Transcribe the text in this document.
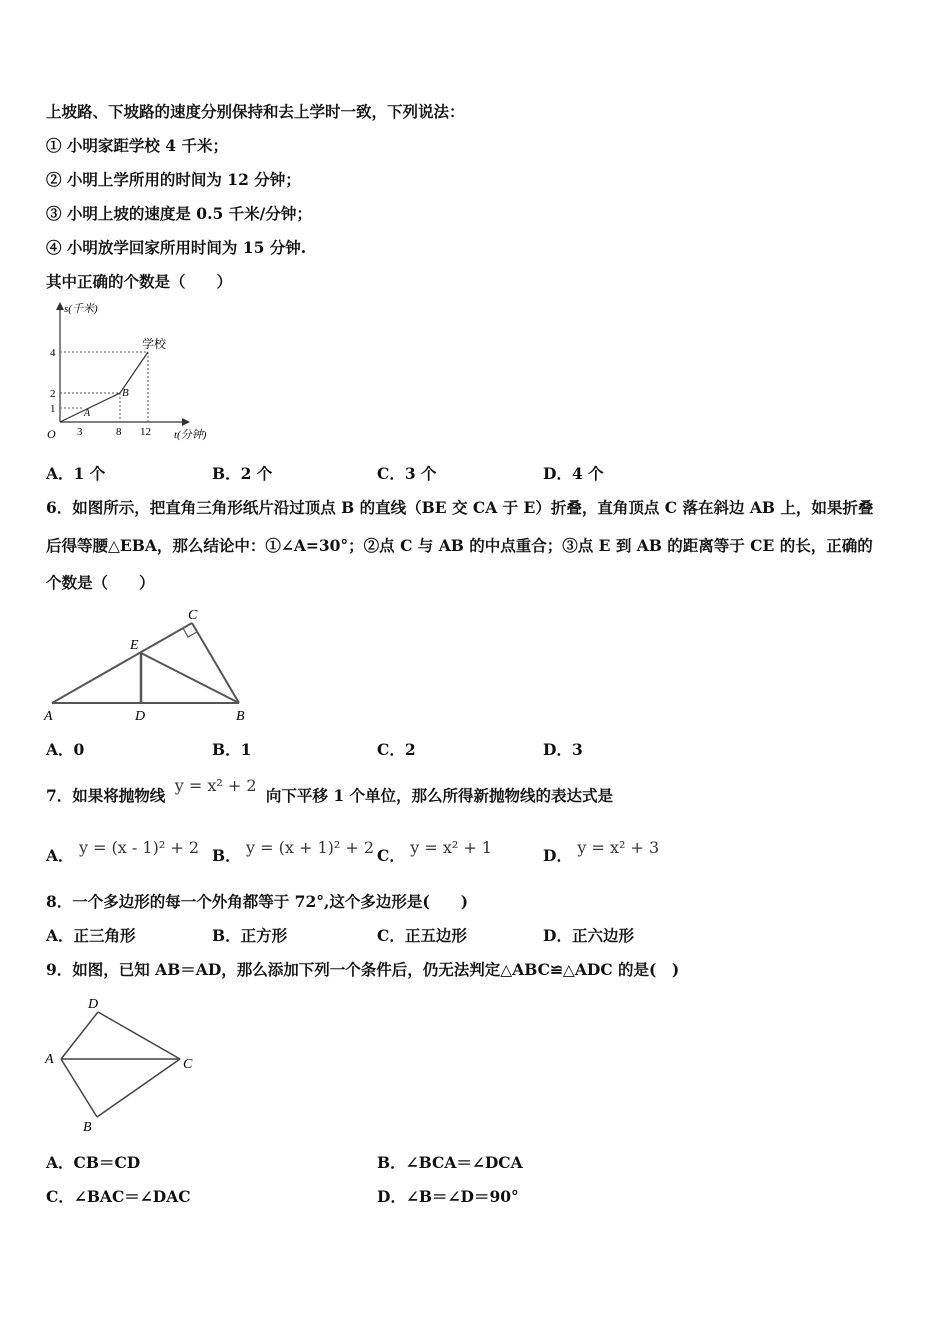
上坡路、下坡路的速度分别保持和去上学时一致，下列说法：
① 小明家距学校 4 千米；
② 小明上学所用的时间为 12 分钟；
③ 小明上坡的速度是 0.5 千米/分钟；
④ 小明放学回家所用时间为 15 分钟.
其中正确的个数是（　　）
s(千米)
t(分钟)
O
学校
A
B
1
2
4
3	8 12
A．1 个	B．2 个	C．3 个	D．4 个
6．如图所示，把直角三角形纸片沿过顶点 B 的直线（BE 交 CA 于 E）折叠，直角顶点 C 落在斜边 AB 上，如果折叠
后得等腰△EBA，那么结论中：①∠A=30°；②点 C 与 AB 的中点重合；③点 E 到 AB 的距离等于 CE 的长，正确的
个数是（　　）
A	D	B
E
C
A．0	B．1	C．2	D．3
7．如果将抛物线 y = x² + 2 向下平移 1 个单位，那么所得新抛物线的表达式是
A． y = (x - 1)² + 2 B． y = (x + 1)² + 2 C． y = x² + 1	D． y = x² + 3
8．一个多边形的每一个外角都等于 72°,这个多边形是(　　)
A．正三角形	B．正方形	C．正五边形	D．正六边形
9．如图，已知 AB＝AD，那么添加下列一个条件后，仍无法判定△ABC≌△ADC 的是(　)
A
D
C
B
A．CB＝CD	B．∠BCA＝∠DCA
C．∠BAC＝∠DAC	D．∠B＝∠D＝90°
